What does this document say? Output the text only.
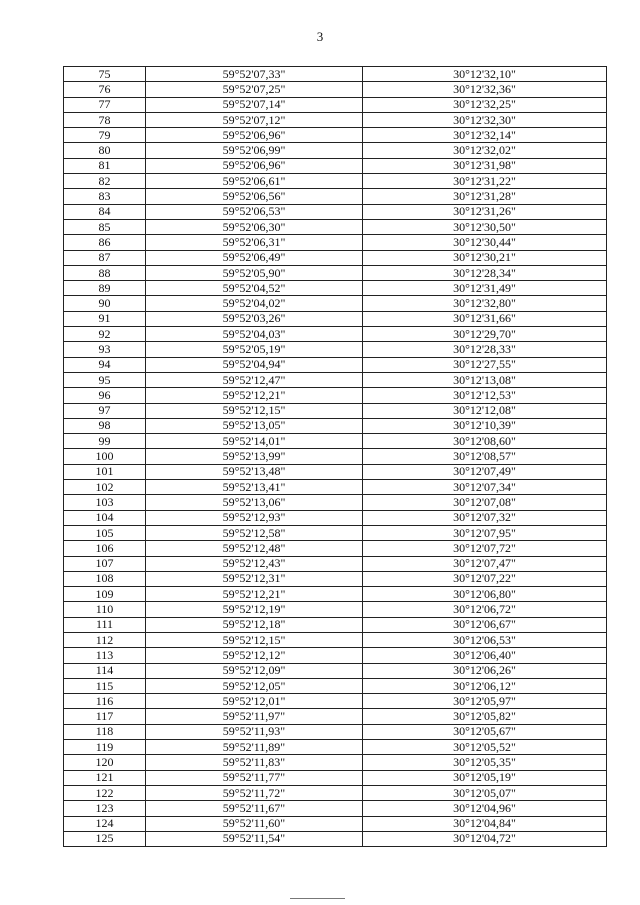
3
75	59°52'07,33"	30°12'32,10"
76	59°52'07,25"	30°12'32,36"
77	59°52'07,14"	30°12'32,25"
78	59°52'07,12"	30°12'32,30"
79	59°52'06,96"	30°12'32,14"
80	59°52'06,99"	30°12'32,02"
81	59°52'06,96"	30°12'31,98"
82	59°52'06,61"	30°12'31,22"
83	59°52'06,56"	30°12'31,28"
84	59°52'06,53"	30°12'31,26"
85	59°52'06,30"	30°12'30,50"
86	59°52'06,31"	30°12'30,44"
87	59°52'06,49"	30°12'30,21"
88	59°52'05,90"	30°12'28,34"
89	59°52'04,52"	30°12'31,49"
90	59°52'04,02"	30°12'32,80"
91	59°52'03,26"	30°12'31,66"
92	59°52'04,03"	30°12'29,70"
93	59°52'05,19"	30°12'28,33"
94	59°52'04,94"	30°12'27,55"
95	59°52'12,47"	30°12'13,08"
96	59°52'12,21"	30°12'12,53"
97	59°52'12,15"	30°12'12,08"
98	59°52'13,05"	30°12'10,39"
99	59°52'14,01"	30°12'08,60"
100	59°52'13,99"	30°12'08,57"
101	59°52'13,48"	30°12'07,49"
102	59°52'13,41"	30°12'07,34"
103	59°52'13,06"	30°12'07,08"
104	59°52'12,93"	30°12'07,32"
105	59°52'12,58"	30°12'07,95"
106	59°52'12,48"	30°12'07,72"
107	59°52'12,43"	30°12'07,47"
108	59°52'12,31"	30°12'07,22"
109	59°52'12,21"	30°12'06,80"
110	59°52'12,19"	30°12'06,72"
111	59°52'12,18"	30°12'06,67"
112	59°52'12,15"	30°12'06,53"
113	59°52'12,12"	30°12'06,40"
114	59°52'12,09"	30°12'06,26"
115	59°52'12,05"	30°12'06,12"
116	59°52'12,01"	30°12'05,97"
117	59°52'11,97"	30°12'05,82"
118	59°52'11,93"	30°12'05,67"
119	59°52'11,89"	30°12'05,52"
120	59°52'11,83"	30°12'05,35"
121	59°52'11,77"	30°12'05,19"
122	59°52'11,72"	30°12'05,07"
123	59°52'11,67"	30°12'04,96"
124	59°52'11,60"	30°12'04,84"
125	59°52'11,54"	30°12'04,72"
